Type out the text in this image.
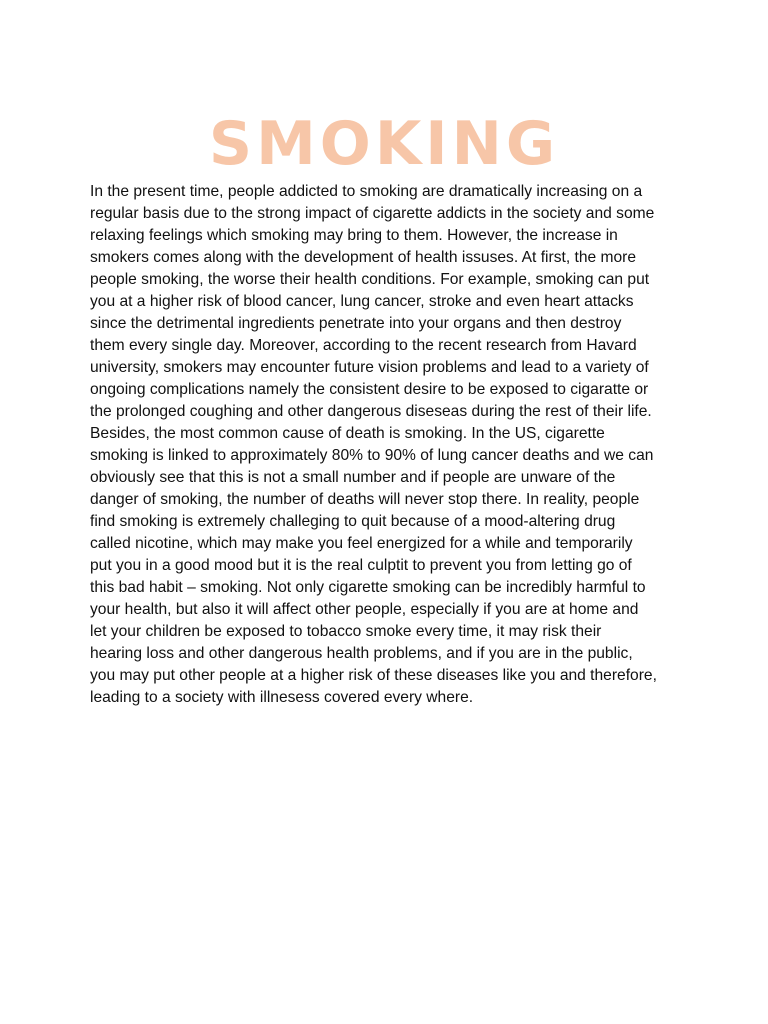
SMOKING
In the present time, people addicted to smoking are dramatically increasing on a
regular basis due to the strong impact of cigarette addicts in the society and some
relaxing feelings which smoking may bring to them. However, the increase in
smokers comes along with the development of health issuses. At first, the more
people smoking, the worse their health conditions. For example, smoking can put
you at a higher risk of blood cancer, lung cancer, stroke and even heart attacks
since the detrimental ingredients penetrate into your organs and then destroy
them every single day. Moreover, according to the recent research from Havard
university, smokers may encounter future vision problems and lead to a variety of
ongoing complications namely the consistent desire to be exposed to cigaratte or
the prolonged coughing and other dangerous diseseas during the rest of their life.
Besides, the most common cause of death is smoking. In the US, cigarette
smoking is linked to approximately 80% to 90% of lung cancer deaths and we can
obviously see that this is not a small number and if people are unware of the
danger of smoking, the number of deaths will never stop there. In reality, people
find smoking is extremely challeging to quit because of a mood-altering drug
called nicotine, which may make you feel energized for a while and temporarily
put you in a good mood but it is the real culptit to prevent you from letting go of
this bad habit – smoking. Not only cigarette smoking can be incredibly harmful to
your health, but also it will affect other people, especially if you are at home and
let your children be exposed to tobacco smoke every time, it may risk their
hearing loss and other dangerous health problems, and if you are in the public,
you may put other people at a higher risk of these diseases like you and therefore,
leading to a society with illnesess covered every where.
